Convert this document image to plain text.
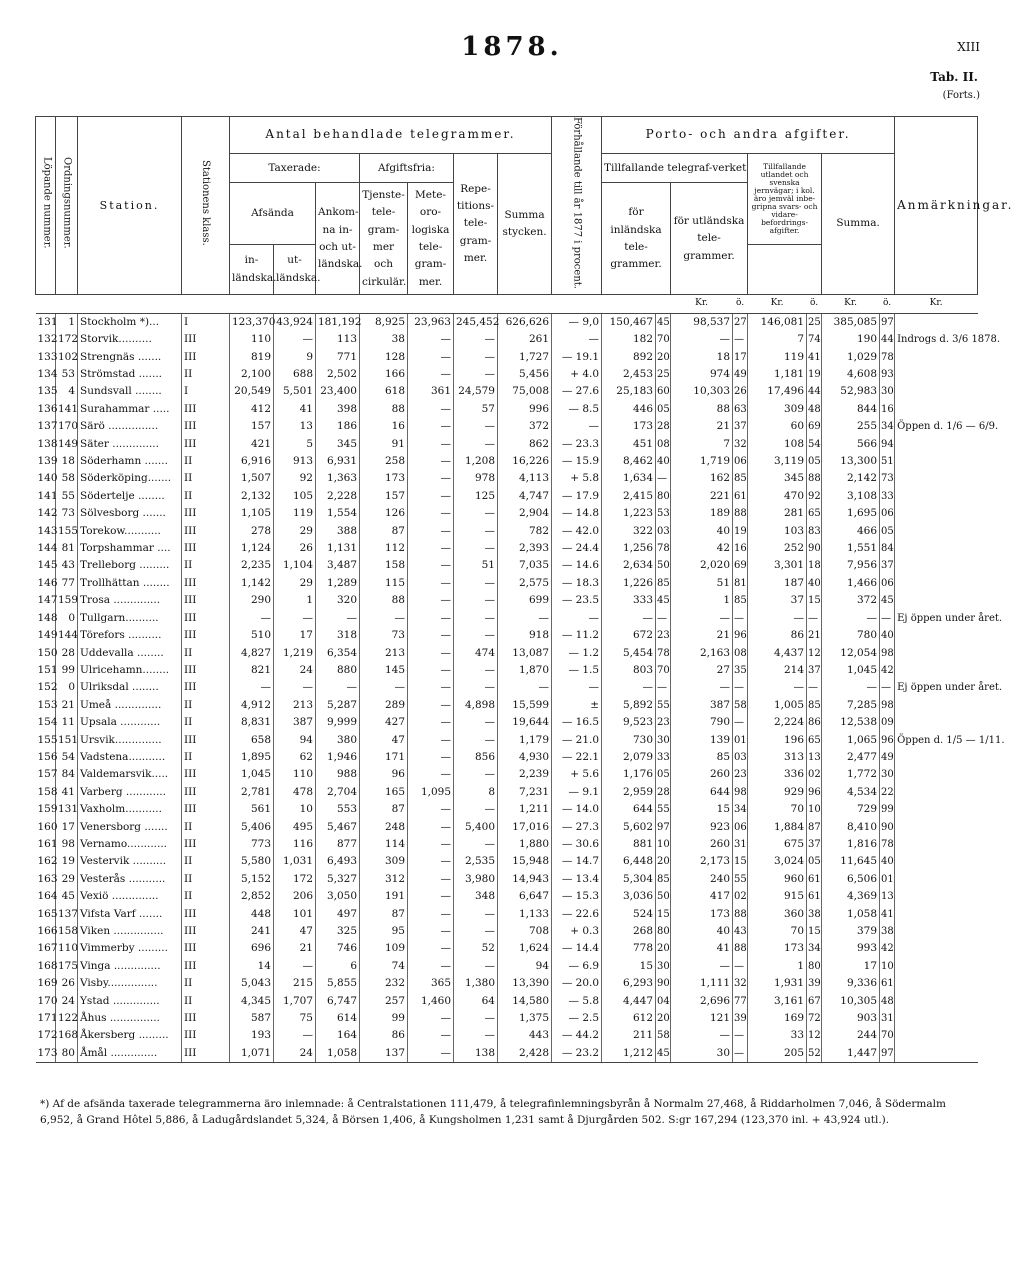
1878.	XIII
Tab. II.
(Forts.)
Löpande nummer.	Ordningsnummer.	Station.	Stationens klass.	Antal behandlade telegrammer.							Förhållande till år 1877 i procent.	Porto- och andra afgifter.								Anmärkningar.	
				Taxerade:			Afgiftsfria:		Repe-titions-tele-gram-mer.	Summa stycken.		Tillfallande telegraf-verket				Tillfallande utlandet och svenska jernvägar; i kol. äro jemväl inbe-gripna svars- och vidare-befordrings-afgifter.		Summa.			
				Afsända		Ankom-na in- och ut-ländska.	Tjenste-tele-gram-mer och cirkulär.	Mete-oro-logiska tele-gram-mer.				för inländska tele-grammer.		för utländska tele-grammer.							
				in-ländska.	ut-ländska.																
														Kr.	ö.	Kr.	ö.	Kr.	ö.	Kr.		
131	1	Stockholm *)...	I	123,370	43,924	181,192	8,925	23,963	245,452	626,626	— 9,0	150,467	45	98,537	27	146,081	25	385,085	97		
132	172	Storvik..........	III	110	—	113	38	—	—	261	—	182	70	—	—	7	74	190	44	Indrogs d. 3/6 1878.	
133	102	Strengnäs .......	III	819	9	771	128	—	—	1,727	— 19.1	892	20	18	17	119	41	1,029	78		
134	53	Strömstad .......	II	2,100	688	2,502	166	—	—	5,456	+ 4.0	2,453	25	974	49	1,181	19	4,608	93		
135	4	Sundsvall ........	I	20,549	5,501	23,400	618	361	24,579	75,008	— 27.6	25,183	60	10,303	26	17,496	44	52,983	30		
136	141	Surahammar .....	III	412	41	398	88	—	57	996	— 8.5	446	05	88	63	309	48	844	16		
137	170	Särö ...............	III	157	13	186	16	—	—	372	—	173	28	21	37	60	69	255	34	Öppen d. 1/6 — 6/9.	
138	149	Säter ..............	III	421	5	345	91	—	—	862	— 23.3	451	08	7	32	108	54	566	94		
139	18	Söderhamn .......	II	6,916	913	6,931	258	—	1,208	16,226	— 15.9	8,462	40	1,719	06	3,119	05	13,300	51		
140	58	Söderköping.......	II	1,507	92	1,363	173	—	978	4,113	+ 5.8	1,634	—	162	85	345	88	2,142	73		
141	55	Södertelje ........	II	2,132	105	2,228	157	—	125	4,747	— 17.9	2,415	80	221	61	470	92	3,108	33		
142	73	Sölvesborg .......	III	1,105	119	1,554	126	—	—	2,904	— 14.8	1,223	53	189	88	281	65	1,695	06		
143	155	Torekow...........	III	278	29	388	87	—	—	782	— 42.0	322	03	40	19	103	83	466	05		
144	81	Torpshammar ....	III	1,124	26	1,131	112	—	—	2,393	— 24.4	1,256	78	42	16	252	90	1,551	84		
145	43	Trelleborg .........	II	2,235	1,104	3,487	158	—	51	7,035	— 14.6	2,634	50	2,020	69	3,301	18	7,956	37		
146	77	Trollhättan ........	III	1,142	29	1,289	115	—	—	2,575	— 18.3	1,226	85	51	81	187	40	1,466	06		
147	159	Trosa ..............	III	290	1	320	88	—	—	699	— 23.5	333	45	1	85	37	15	372	45		
148	0	Tullgarn..........	III	—	—	—	—	—	—	—	—	—	—	—	—	—	—	—	—	Ej öppen under året.	
149	144	Törefors ..........	III	510	17	318	73	—	—	918	— 11.2	672	23	21	96	86	21	780	40		
150	28	Uddevalla ........	II	4,827	1,219	6,354	213	—	474	13,087	— 1.2	5,454	78	2,163	08	4,437	12	12,054	98		
151	99	Ulricehamn........	III	821	24	880	145	—	—	1,870	— 1.5	803	70	27	35	214	37	1,045	42		
152	0	Ulriksdal ........	III	—	—	—	—	—	—	—	—	—	—	—	—	—	—	—	—	Ej öppen under året.	
153	21	Umeå ..............	II	4,912	213	5,287	289	—	4,898	15,599	±	5,892	55	387	58	1,005	85	7,285	98		
154	11	Upsala ............	II	8,831	387	9,999	427	—	—	19,644	— 16.5	9,523	23	790	—	2,224	86	12,538	09		
155	151	Ursvik..............	III	658	94	380	47	—	—	1,179	— 21.0	730	30	139	01	196	65	1,065	96	Öppen d. 1/5 — 1/11.	
156	54	Vadstena...........	II	1,895	62	1,946	171	—	856	4,930	— 22.1	2,079	33	85	03	313	13	2,477	49		
157	84	Valdemarsvik.....	III	1,045	110	988	96	—	—	2,239	+ 5.6	1,176	05	260	23	336	02	1,772	30		
158	41	Varberg ............	III	2,781	478	2,704	165	1,095	8	7,231	— 9.1	2,959	28	644	98	929	96	4,534	22		
159	131	Vaxholm...........	III	561	10	553	87	—	—	1,211	— 14.0	644	55	15	34	70	10	729	99		
160	17	Venersborg .......	II	5,406	495	5,467	248	—	5,400	17,016	— 27.3	5,602	97	923	06	1,884	87	8,410	90		
161	98	Vernamo............	III	773	116	877	114	—	—	1,880	— 30.6	881	10	260	31	675	37	1,816	78		
162	19	Vestervik ..........	II	5,580	1,031	6,493	309	—	2,535	15,948	— 14.7	6,448	20	2,173	15	3,024	05	11,645	40		
163	29	Vesterås ...........	II	5,152	172	5,327	312	—	3,980	14,943	— 13.4	5,304	85	240	55	960	61	6,506	01		
164	45	Vexiö ..............	II	2,852	206	3,050	191	—	348	6,647	— 15.3	3,036	50	417	02	915	61	4,369	13		
165	137	Vifsta Varf .......	III	448	101	497	87	—	—	1,133	— 22.6	524	15	173	88	360	38	1,058	41		
166	158	Viken ...............	III	241	47	325	95	—	—	708	+ 0.3	268	80	40	43	70	15	379	38		
167	110	Vimmerby .........	III	696	21	746	109	—	52	1,624	— 14.4	778	20	41	88	173	34	993	42		
168	175	Vinga ..............	III	14	—	6	74	—	—	94	— 6.9	15	30	—	—	1	80	17	10		
169	26	Visby...............	II	5,043	215	5,855	232	365	1,380	13,390	— 20.0	6,293	90	1,111	32	1,931	39	9,336	61		
170	24	Ystad ..............	II	4,345	1,707	6,747	257	1,460	64	14,580	— 5.8	4,447	04	2,696	77	3,161	67	10,305	48		
171	122	Åhus ...............	III	587	75	614	99	—	—	1,375	— 2.5	612	20	121	39	169	72	903	31		
172	168	Åkersberg .........	III	193	—	164	86	—	—	443	— 44.2	211	58	—	—	33	12	244	70		
173	80	Åmål ..............	III	1,071	24	1,058	137	—	138	2,428	— 23.2	1,212	45	30	—	205	52	1,447	97		
*) Af de afsända taxerade telegrammerna äro inlemnade: å Centralstationen 111,479, å telegrafinlemningsbyrån å Normalm 27,468, å Riddarholmen 7,046, å Södermalm 6,952, å Grand Hôtel 5,886, å Ladugårdslandet 5,324, å Börsen 1,406, å Kungsholmen 1,231 samt å Djurgården 502. S:gr 167,294 (123,370 inl. + 43,924 utl.).
